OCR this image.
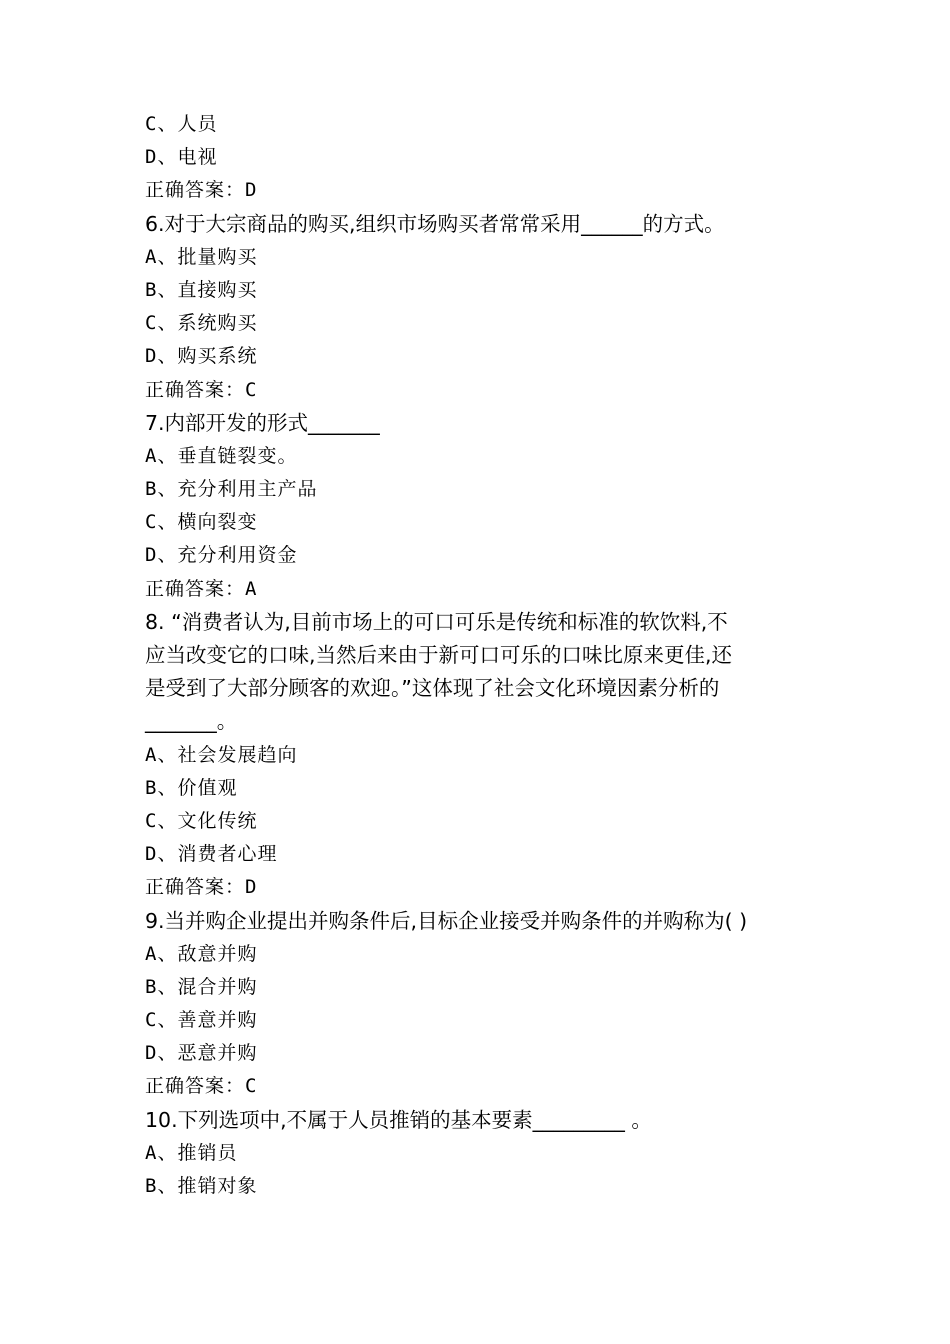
C、人员
D、电视
正确答案：D
6.对于大宗商品的购买,组织市场购买者常常采用______的方式。
A、批量购买
B、直接购买
C、系统购买
D、购买系统
正确答案：C
7.内部开发的形式_______
A、垂直链裂变。
B、充分利用主产品
C、横向裂变
D、充分利用资金
正确答案：A
8. “消费者认为,目前市场上的可口可乐是传统和标准的软饮料,不
应当改变它的口味,当然后来由于新可口可乐的口味比原来更佳,还
是受到了大部分顾客的欢迎。”这体现了社会文化环境因素分析的
_______。
A、社会发展趋向
B、价值观
C、文化传统
D、消费者心理
正确答案：D
9.当并购企业提出并购条件后,目标企业接受并购条件的并购称为( )
A、敌意并购
B、混合并购
C、善意并购
D、恶意并购
正确答案：C
10.下列选项中,不属于人员推销的基本要素_________ 。
A、推销员
B、推销对象
